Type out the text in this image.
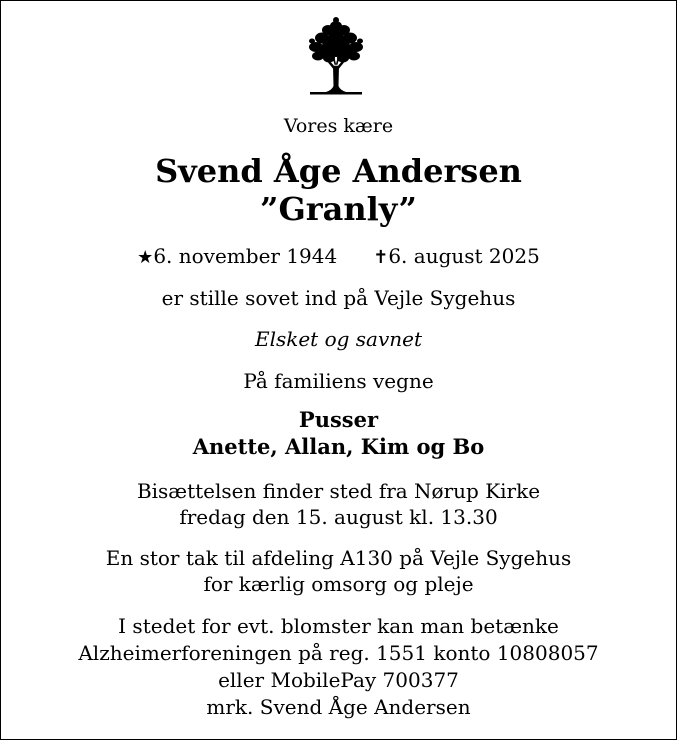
Vores kære
Svend Åge Andersen
”Granly”
★6. november 1944 ✝6. august 2025
er stille sovet ind på Vejle Sygehus
Elsket og savnet
På familiens vegne
Pusser
Anette, Allan, Kim og Bo
Bisættelsen finder sted fra Nørup Kirke
fredag den 15. august kl. 13.30
En stor tak til afdeling A130 på Vejle Sygehus
for kærlig omsorg og pleje
I stedet for evt. blomster kan man betænke
Alzheimerforeningen på reg. 1551 konto 10808057
eller MobilePay 700377
mrk. Svend Åge Andersen
